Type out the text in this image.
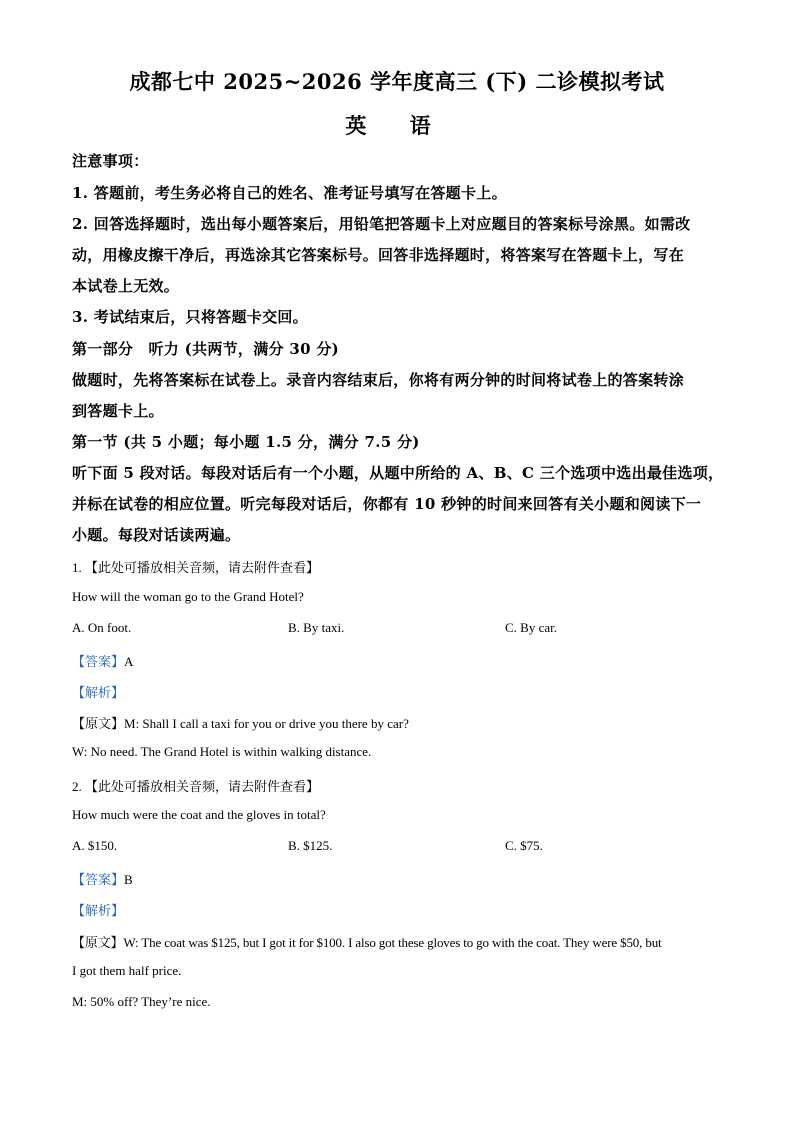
成都七中 2025~2026 学年度高三 (下) 二诊模拟考试
英 语
注意事项：
1. 答题前，考生务必将自己的姓名、准考证号填写在答题卡上。
2. 回答选择题时，选出每小题答案后，用铅笔把答题卡上对应题目的答案标号涂黑。如需改
动，用橡皮擦干净后，再选涂其它答案标号。回答非选择题时，将答案写在答题卡上，写在
本试卷上无效。
3. 考试结束后，只将答题卡交回。
第一部分　听力 (共两节，满分 30 分)
做题时，先将答案标在试卷上。录音内容结束后，你将有两分钟的时间将试卷上的答案转涂
到答题卡上。
第一节 (共 5 小题；每小题 1.5 分，满分 7.5 分)
听下面 5 段对话。每段对话后有一个小题，从题中所给的 A、B、C 三个选项中选出最佳选项，
并标在试卷的相应位置。听完每段对话后，你都有 10 秒钟的时间来回答有关小题和阅读下一
小题。每段对话读两遍。
1. 【此处可播放相关音频，请去附件查看】
How will the woman go to the Grand Hotel?
A. On foot.	B. By taxi.	C. By car.
【答案】A
【解析】
【原文】M: Shall I call a taxi for you or drive you there by car?
W: No need. The Grand Hotel is within walking distance.
2. 【此处可播放相关音频，请去附件查看】
How much were the coat and the gloves in total?
A. $150.	B. $125.	C. $75.
【答案】B
【解析】
【原文】W: The coat was $125, but I got it for $100. I also got these gloves to go with the coat. They were $50, but
I got them half price.
M: 50% off? They’re nice.
